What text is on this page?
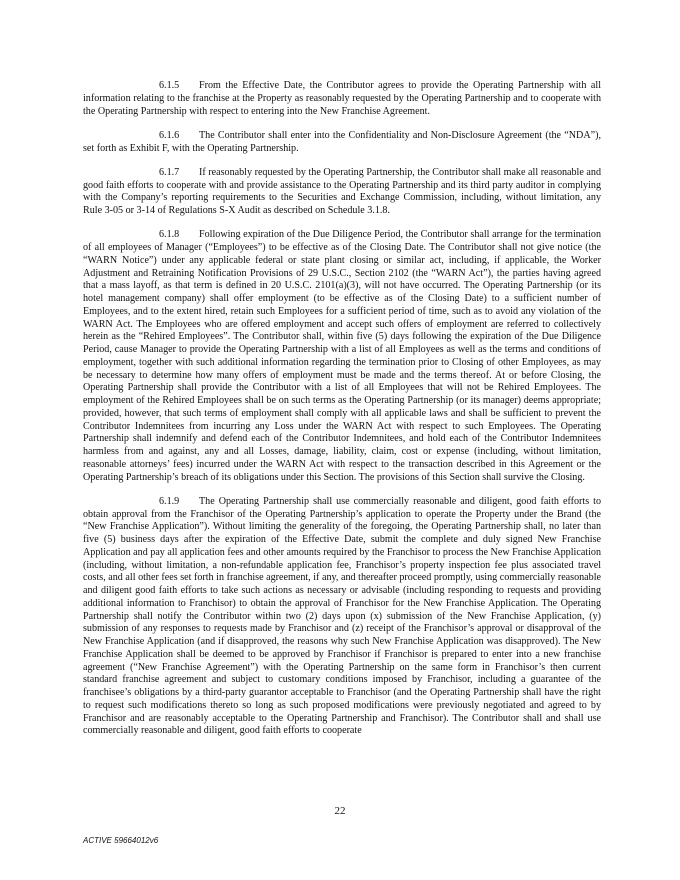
6.1.5 From the Effective Date, the Contributor agrees to provide the Operating Partnership with all information relating to the franchise at the Property as reasonably requested by the Operating Partnership and to cooperate with the Operating Partnership with respect to entering into the New Franchise Agreement.

6.1.6 The Contributor shall enter into the Confidentiality and Non-Disclosure Agreement (the “NDA”), set forth as Exhibit F, with the Operating Partnership.

6.1.7 If reasonably requested by the Operating Partnership, the Contributor shall make all reasonable and good faith efforts to cooperate with and provide assistance to the Operating Partnership and its third party auditor in complying with the Company’s reporting requirements to the Securities and Exchange Commission, including, without limitation, any Rule 3-05 or 3-14 of Regulations S-X Audit as described on Schedule 3.1.8.

6.1.8 Following expiration of the Due Diligence Period, the Contributor shall arrange for the termination of all employees of Manager (“Employees”) to be effective as of the Closing Date. The Contributor shall not give notice (the “WARN Notice”) under any applicable federal or state plant closing or similar act, including, if applicable, the Worker Adjustment and Retraining Notification Provisions of 29 U.S.C., Section 2102 (the “WARN Act”), the parties having agreed that a mass layoff, as that term is defined in 20 U.S.C. 2101(a)(3), will not have occurred. The Operating Partnership (or its hotel management company) shall offer employment (to be effective as of the Closing Date) to a sufficient number of Employees, and to the extent hired, retain such Employees for a sufficient period of time, such as to avoid any violation of the WARN Act. The Employees who are offered employment and accept such offers of employment are referred to collectively herein as the “Rehired Employees”. The Contributor shall, within five (5) days following the expiration of the Due Diligence Period, cause Manager to provide the Operating Partnership with a list of all Employees as well as the terms and conditions of employment, together with such additional information regarding the termination prior to Closing of other Employees, as may be necessary to determine how many offers of employment must be made and the terms thereof. At or before Closing, the Operating Partnership shall provide the Contributor with a list of all Employees that will not be Rehired Employees. The employment of the Rehired Employees shall be on such terms as the Operating Partnership (or its manager) deems appropriate; provided, however, that such terms of employment shall comply with all applicable laws and shall be sufficient to prevent the Contributor Indemnitees from incurring any Loss under the WARN Act with respect to such Employees. The Operating Partnership shall indemnify and defend each of the Contributor Indemnitees, and hold each of the Contributor Indemnitees harmless from and against, any and all Losses, damage, liability, claim, cost or expense (including, without limitation, reasonable attorneys’ fees) incurred under the WARN Act with respect to the transaction described in this Agreement or the Operating Partnership’s breach of its obligations under this Section. The provisions of this Section shall survive the Closing.

6.1.9 The Operating Partnership shall use commercially reasonable and diligent, good faith efforts to obtain approval from the Franchisor of the Operating Partnership’s application to operate the Property under the Brand (the “New Franchise Application”). Without limiting the generality of the foregoing, the Operating Partnership shall, no later than five (5) business days after the expiration of the Effective Date, submit the complete and duly signed New Franchise Application and pay all application fees and other amounts required by the Franchisor to process the New Franchise Application (including, without limitation, a non-refundable application fee, Franchisor’s property inspection fee plus associated travel costs, and all other fees set forth in franchise agreement, if any, and thereafter proceed promptly, using commercially reasonable and diligent good faith efforts to take such actions as necessary or advisable (including responding to requests and providing additional information to Franchisor) to obtain the approval of Franchisor for the New Franchise Application. The Operating Partnership shall notify the Contributor within two (2) days upon (x) submission of the New Franchise Application, (y) submission of any responses to requests made by Franchisor and (z) receipt of the Franchisor’s approval or disapproval of the New Franchise Application (and if disapproved, the reasons why such New Franchise Application was disapproved). The New Franchise Application shall be deemed to be approved by Franchisor if Franchisor is prepared to enter into a new franchise agreement (“New Franchise Agreement”) with the Operating Partnership on the same form in Franchisor’s then current standard franchise agreement and subject to customary conditions imposed by Franchisor, including a guarantee of the franchisee’s obligations by a third-party guarantor acceptable to Franchisor (and the Operating Partnership shall have the right to request such modifications thereto so long as such proposed modifications were previously negotiated and agreed to by Franchisor and are reasonably acceptable to the Operating Partnership and Franchisor). The Contributor shall and shall use commercially reasonable and diligent, good faith efforts to cooperate

22
ACTIVE 59664012v6
